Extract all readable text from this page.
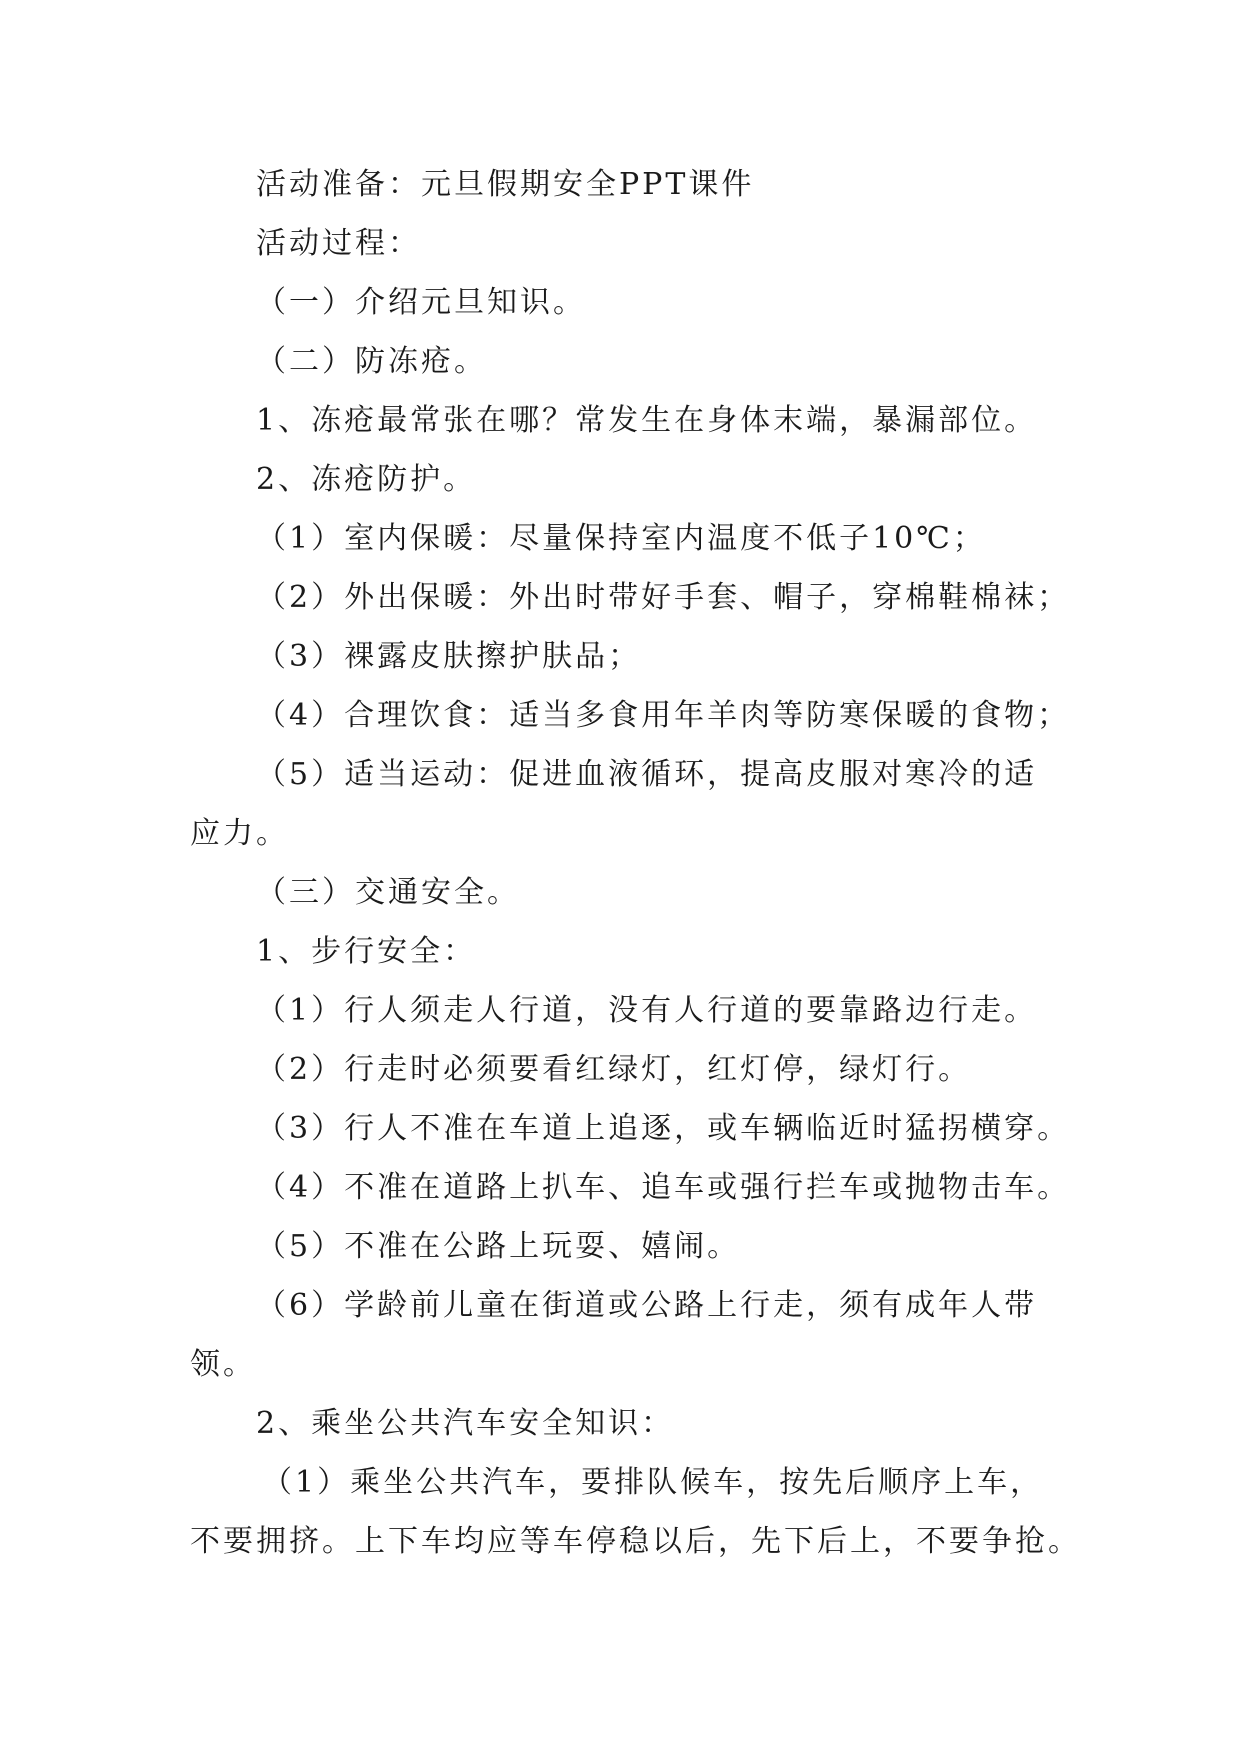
活动准备：元旦假期安全PPT课件
活动过程：
（一）介绍元旦知识。
（二）防冻疮。
1、冻疮最常张在哪？常发生在身体末端，暴漏部位。
2、冻疮防护。
（1）室内保暖：尽量保持室内温度不低子10℃；
（2）外出保暖：外出时带好手套、帽子，穿棉鞋棉袜；
（3）裸露皮肤擦护肤品；
（4）合理饮食：适当多食用年羊肉等防寒保暖的食物；
（5）适当运动：促进血液循环，提高皮服对寒冷的适
应力。
（三）交通安全。
1、步行安全：
（1）行人须走人行道，没有人行道的要靠路边行走。
（2）行走时必须要看红绿灯，红灯停，绿灯行。
（3）行人不准在车道上追逐，或车辆临近时猛拐横穿。
（4）不准在道路上扒车、追车或强行拦车或抛物击车。
（5）不准在公路上玩耍、嬉闹。
（6）学龄前儿童在街道或公路上行走，须有成年人带
领。
2、乘坐公共汽车安全知识：
（1）乘坐公共汽车，要排队候车，按先后顺序上车，
不要拥挤。上下车均应等车停稳以后，先下后上，不要争抢。
